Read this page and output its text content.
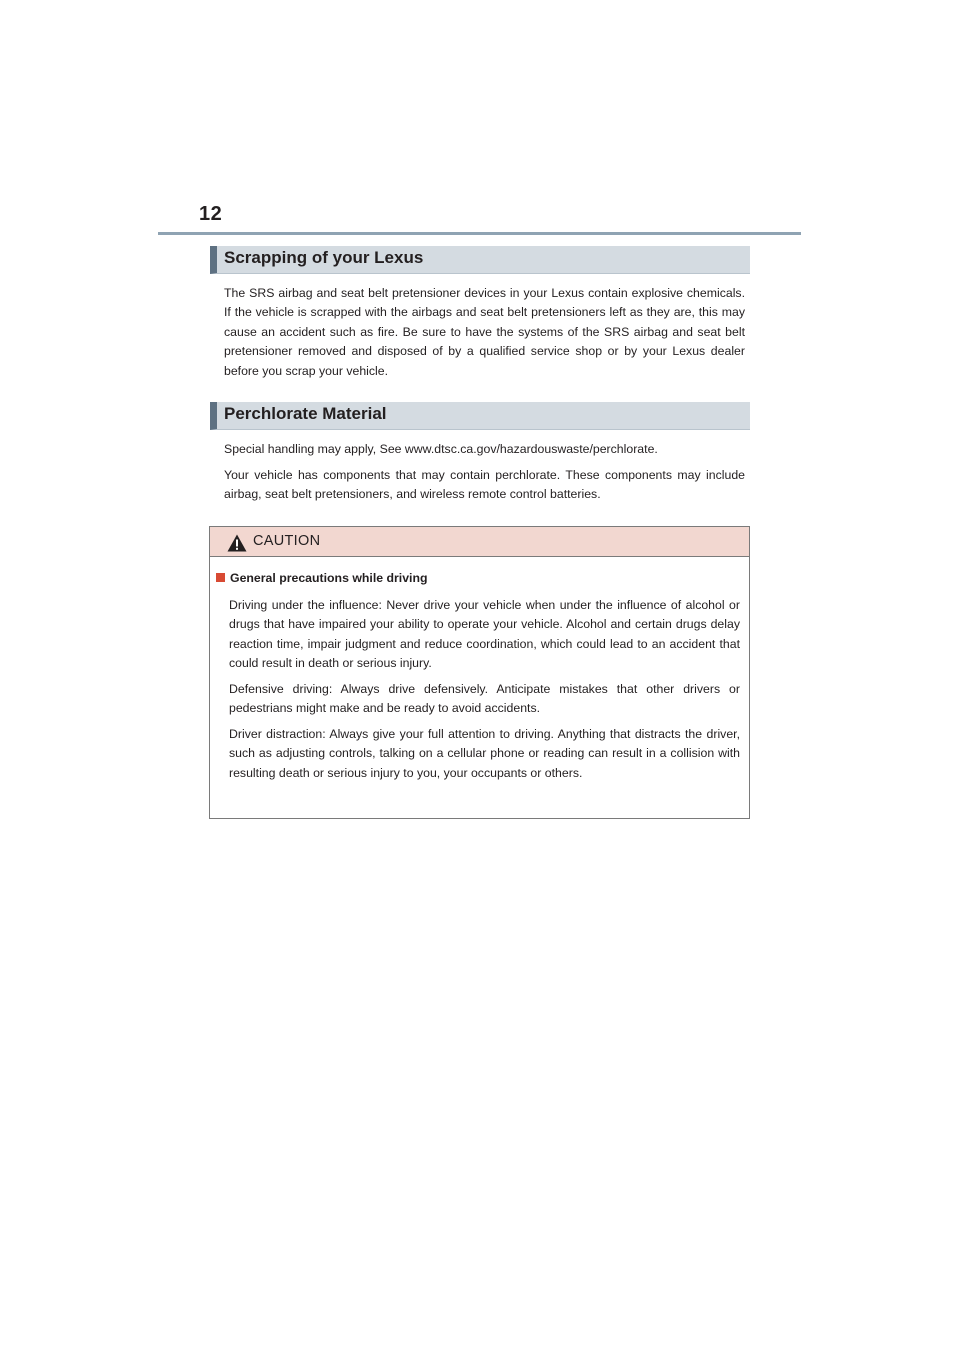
12
Scrapping of your Lexus

The SRS airbag and seat belt pretensioner devices in your Lexus contain explosive chemicals. If the vehicle is scrapped with the airbags and seat belt pretensioners left as they are, this may cause an accident such as fire. Be sure to have the systems of the SRS airbag and seat belt pretensioner removed and disposed of by a qualified service shop or by your Lexus dealer before you scrap your vehicle.

Perchlorate Material

Special handling may apply, See www.dtsc.ca.gov/hazardouswaste/perchlorate.

Your vehicle has components that may contain perchlorate. These components may include airbag, seat belt pretensioners, and wireless remote control batteries.

CAUTION
General precautions while driving

Driving under the influence: Never drive your vehicle when under the influence of alcohol or drugs that have impaired your ability to operate your vehicle. Alcohol and certain drugs delay reaction time, impair judgment and reduce coordination, which could lead to an accident that could result in death or serious injury.

Defensive driving: Always drive defensively. Anticipate mistakes that other drivers or pedestrians might make and be ready to avoid accidents.

Driver distraction: Always give your full attention to driving. Anything that distracts the driver, such as adjusting controls, talking on a cellular phone or reading can result in a collision with resulting death or serious injury to you, your occupants or others.
